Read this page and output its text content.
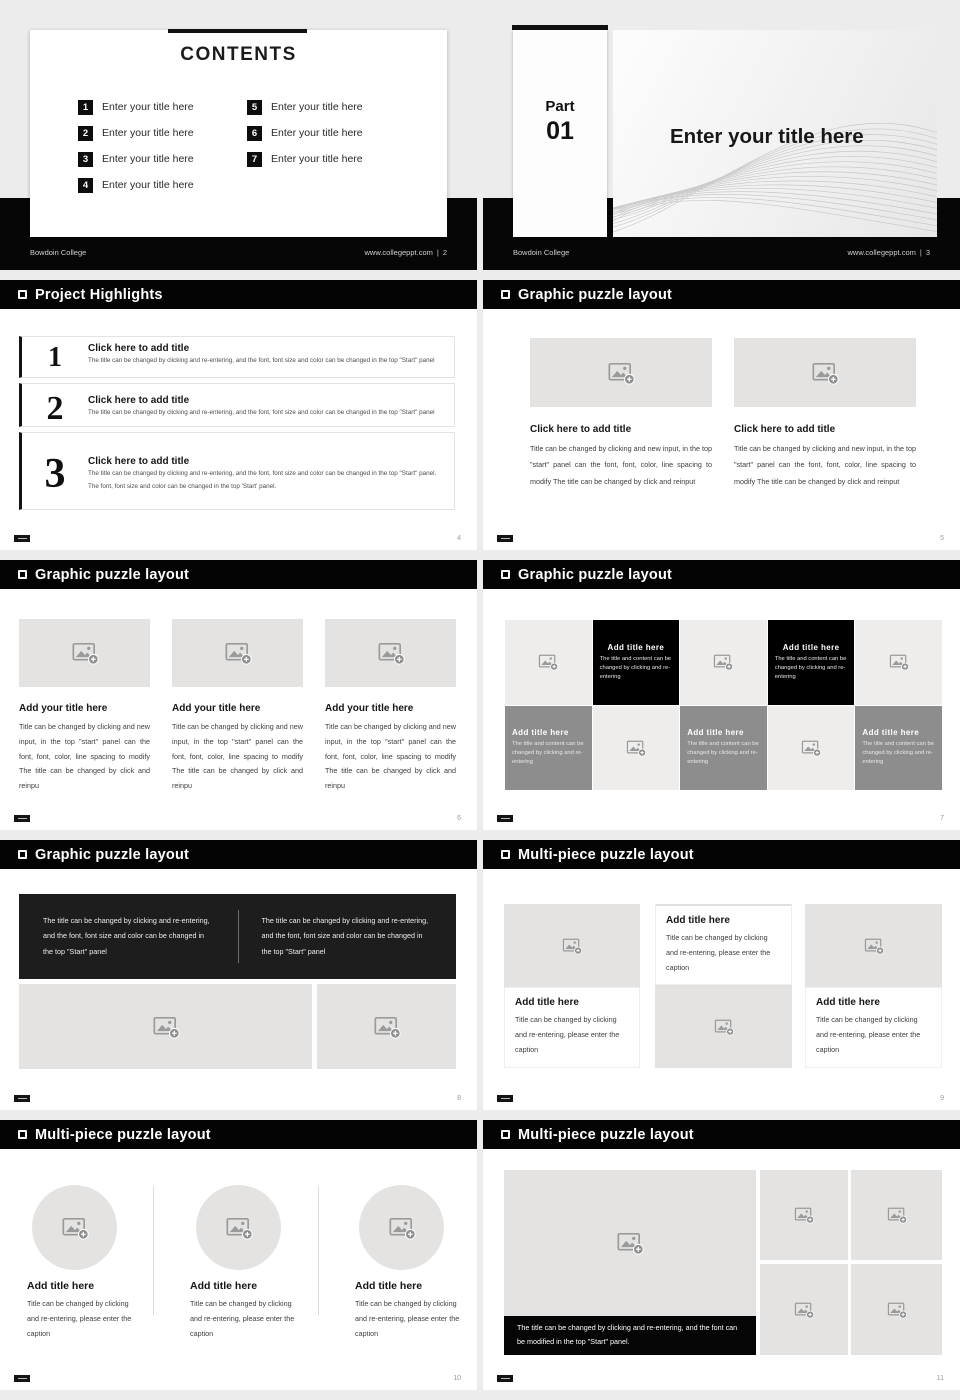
CONTENTS
1	Enter your title here
2	Enter your title here
3	Enter your title here
4	Enter your title here
5	Enter your title here
6	Enter your title here
7	Enter your title here
Bowdoin College	www.collegeppt.com | 2
Enter your title here
Part
01
Bowdoin College	www.collegeppt.com | 3
Project Highlights
1	Click here to add title
The title can be changed by clicking and re-entering, and the font, font size and color can be changed in the top "Start" panel
2	Click here to add title
The title can be changed by clicking and re-entering, and the font, font size and color can be changed in the top "Start" panel
3	Click here to add title
The title can be changed by clicking and re-entering, and the font, font size and color can be changed in the top "Start" panel. The font, font size and color can be changed in the top 'Start' panel.
4
Graphic puzzle layout
Click here to add title
Title can be changed by clicking and new input, in the top "start" panel can the font, font, color, line spacing to modify The title can be changed by click and reinput
Click here to add title
Title can be changed by clicking and new input, in the top "start" panel can the font, font, color, line spacing to modify The title can be changed by click and reinput
5
Graphic puzzle layout
Add your title here
Title can be changed by clicking and new input, in the top "start" panel can the font, font, color, line spacing to modify The title can be changed by click and reinpu
Add your title here
Title can be changed by clicking and new input, in the top "start" panel can the font, font, color, line spacing to modify The title can be changed by click and reinpu
Add your title here
Title can be changed by clicking and new input, in the top "start" panel can the font, font, color, line spacing to modify The title can be changed by click and reinpu
6
Graphic puzzle layout
Add title here
The title and content can be changed by clicking and re-entering
Add title here
The title and content can be changed by clicking and re-entering
Add title here
The title and content can be changed by clicking and re-entering
Add title here
The title and content can be changed by clicking and re-entering
Add title here
The title and content can be changed by clicking and re-entering
7
Graphic puzzle layout
The title can be changed by clicking and re-entering, and the font, font size and color can be changed in the top "Start" panel
The title can be changed by clicking and re-entering, and the font, font size and color can be changed in the top "Start" panel
8
Multi-piece puzzle layout
Add title here
Title can be changed by clicking and re-entering, please enter the caption
Add title here
Title can be changed by clicking and re-entering, please enter the caption
Add title here
Title can be changed by clicking and re-entering, please enter the caption
9
Multi-piece puzzle layout
Add title here
Title can be changed by clicking and re-entering, please enter the caption
Add title here
Title can be changed by clicking and re-entering, please enter the caption
Add title here
Title can be changed by clicking and re-entering, please enter the caption
10
Multi-piece puzzle layout
The title can be changed by clicking and re-entering, and the font can be modified in the top "Start" panel.
11
